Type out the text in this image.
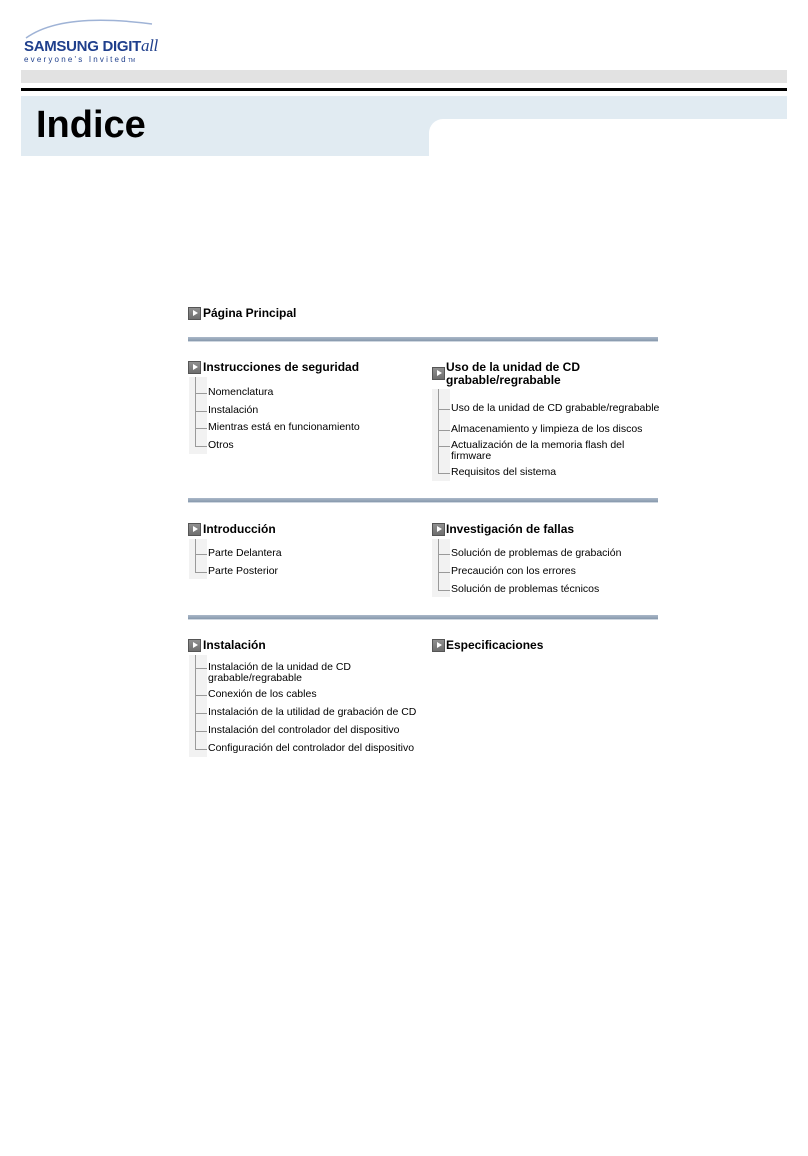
SAMSUNG DIGITall
everyone's InvitedTM
Indice
Página Principal
Instrucciones de seguridad
Nomenclatura
Instalación
Mientras está en funcionamiento
Otros
Uso de la unidad de CD
grabable/regrabable
Uso de la unidad de CD grabable/regrabable
Almacenamiento y limpieza de los discos
Actualización de la memoria flash del firmware
Requisitos del sistema
Introducción
Parte Delantera
Parte Posterior
Investigación de fallas
Solución de problemas de grabación
Precaución con los errores
Solución de problemas técnicos
Instalación
Instalación de la unidad de CD grabable/regrabable
Conexión de los cables
Instalación de la utilidad de grabación de CD
Instalación del controlador del dispositivo
Configuración del controlador del dispositivo
Especificaciones
